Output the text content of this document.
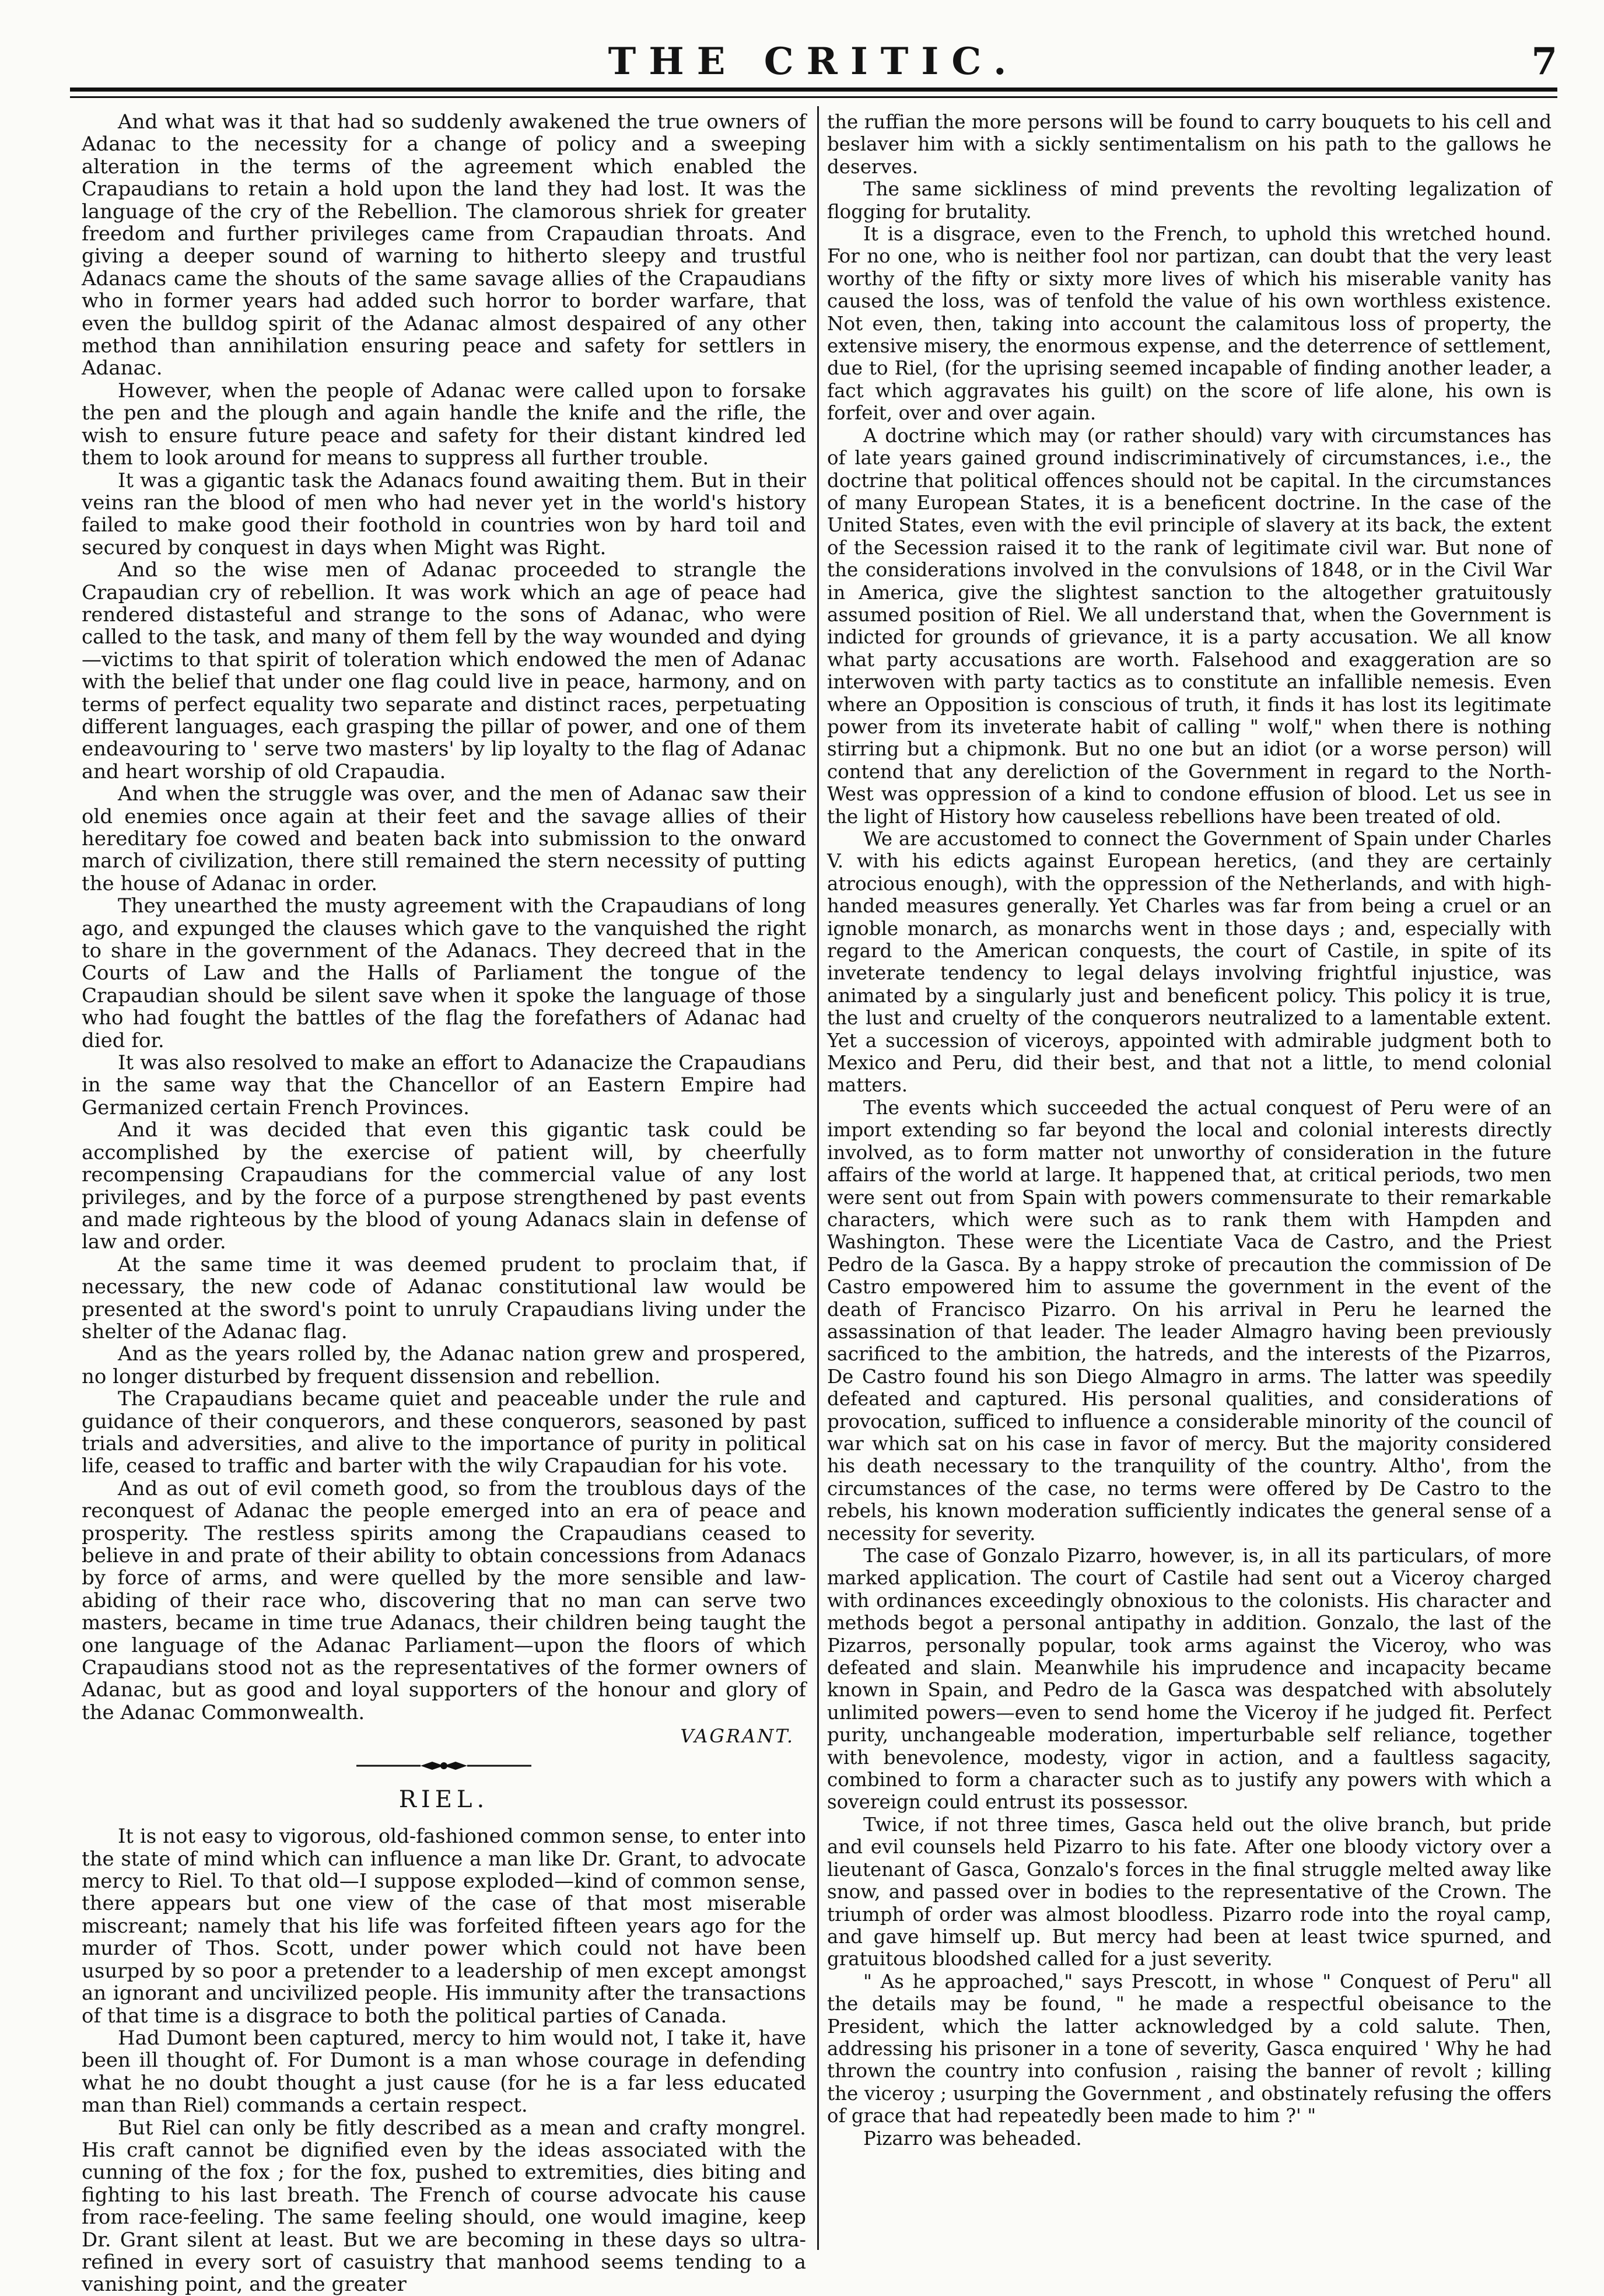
THE CRITIC.	7

And what was it that had so suddenly awakened the true owners of Adanac to the necessity for a change of policy and a sweeping alteration in the terms of the agreement which enabled the Crapaudians to retain a hold upon the land they had lost. It was the language of the cry of the Rebellion. The clamorous shriek for greater freedom and further privileges came from Crapaudian throats. And giving a deeper sound of warning to hitherto sleepy and trustful Adanacs came the shouts of the same savage allies of the Crapaudians who in former years had added such horror to border warfare, that even the bulldog spirit of the Adanac almost despaired of any other method than annihilation ensuring peace and safety for settlers in Adanac.

However, when the people of Adanac were called upon to forsake the pen and the plough and again handle the knife and the rifle, the wish to ensure future peace and safety for their distant kindred led them to look around for means to suppress all further trouble.

It was a gigantic task the Adanacs found awaiting them. But in their veins ran the blood of men who had never yet in the world's history failed to make good their foothold in countries won by hard toil and secured by conquest in days when Might was Right.

And so the wise men of Adanac proceeded to strangle the Crapaudian cry of rebellion. It was work which an age of peace had rendered distasteful and strange to the sons of Adanac, who were called to the task, and many of them fell by the way wounded and dying—victims to that spirit of toleration which endowed the men of Adanac with the belief that under one flag could live in peace, harmony, and on terms of perfect equality two separate and distinct races, perpetuating different languages, each grasping the pillar of power, and one of them endeavouring to ' serve two masters' by lip loyalty to the flag of Adanac and heart worship of old Crapaudia.

And when the struggle was over, and the men of Adanac saw their old enemies once again at their feet and the savage allies of their hereditary foe cowed and beaten back into submission to the onward march of civilization, there still remained the stern necessity of putting the house of Adanac in order.

They unearthed the musty agreement with the Crapaudians of long ago, and expunged the clauses which gave to the vanquished the right to share in the government of the Adanacs. They decreed that in the Courts of Law and the Halls of Parliament the tongue of the Crapaudian should be silent save when it spoke the language of those who had fought the battles of the flag the forefathers of Adanac had died for.

It was also resolved to make an effort to Adanacize the Crapaudians in the same way that the Chancellor of an Eastern Empire had Germanized certain French Provinces.

And it was decided that even this gigantic task could be accomplished by the exercise of patient will, by cheerfully recompensing Crapaudians for the commercial value of any lost privileges, and by the force of a purpose strengthened by past events and made righteous by the blood of young Adanacs slain in defense of law and order.

At the same time it was deemed prudent to proclaim that, if necessary, the new code of Adanac constitutional law would be presented at the sword's point to unruly Crapaudians living under the shelter of the Adanac flag.

And as the years rolled by, the Adanac nation grew and prospered, no longer disturbed by frequent dissension and rebellion.

The Crapaudians became quiet and peaceable under the rule and guidance of their conquerors, and these conquerors, seasoned by past trials and adversities, and alive to the importance of purity in political life, ceased to traffic and barter with the wily Crapaudian for his vote.

And as out of evil cometh good, so from the troublous days of the reconquest of Adanac the people emerged into an era of peace and prosperity. The restless spirits among the Crapaudians ceased to believe in and prate of their ability to obtain concessions from Adanacs by force of arms, and were quelled by the more sensible and law-abiding of their race who, discovering that no man can serve two masters, became in time true Adanacs, their children being taught the one language of the Adanac Parliament—upon the floors of which Crapaudians stood not as the representatives of the former owners of Adanac, but as good and loyal supporters of the honour and glory of the Adanac Commonwealth.

VAGRANT.
RIEL.

It is not easy to vigorous, old-fashioned common sense, to enter into the state of mind which can influence a man like Dr. Grant, to advocate mercy to Riel. To that old—I suppose exploded—kind of common sense, there appears but one view of the case of that most miserable miscreant; namely that his life was forfeited fifteen years ago for the murder of Thos. Scott, under power which could not have been usurped by so poor a pretender to a leadership of men except amongst an ignorant and uncivilized people. His immunity after the transactions of that time is a disgrace to both the political parties of Canada.

Had Dumont been captured, mercy to him would not, I take it, have been ill thought of. For Dumont is a man whose courage in defending what he no doubt thought a just cause (for he is a far less educated man than Riel) commands a certain respect.

But Riel can only be fitly described as a mean and crafty mongrel. His craft cannot be dignified even by the ideas associated with the cunning of the fox ; for the fox, pushed to extremities, dies biting and fighting to his last breath. The French of course advocate his cause from race-feeling. The same feeling should, one would imagine, keep Dr. Grant silent at least. But we are becoming in these days so ultra-refined in every sort of casuistry that manhood seems tending to a vanishing point, and the greater

the ruffian the more persons will be found to carry bouquets to his cell and beslaver him with a sickly sentimentalism on his path to the gallows he deserves.

The same sickliness of mind prevents the revolting legalization of flogging for brutality.

It is a disgrace, even to the French, to uphold this wretched hound. For no one, who is neither fool nor partizan, can doubt that the very least worthy of the fifty or sixty more lives of which his miserable vanity has caused the loss, was of tenfold the value of his own worthless existence. Not even, then, taking into account the calamitous loss of property, the extensive misery, the enormous expense, and the deterrence of settlement, due to Riel, (for the uprising seemed incapable of finding another leader, a fact which aggravates his guilt) on the score of life alone, his own is forfeit, over and over again.

A doctrine which may (or rather should) vary with circumstances has of late years gained ground indiscriminatively of circumstances, i.e., the doctrine that political offences should not be capital. In the circumstances of many European States, it is a beneficent doctrine. In the case of the United States, even with the evil principle of slavery at its back, the extent of the Secession raised it to the rank of legitimate civil war. But none of the considerations involved in the convulsions of 1848, or in the Civil War in America, give the slightest sanction to the altogether gratuitously assumed position of Riel. We all understand that, when the Government is indicted for grounds of grievance, it is a party accusation. We all know what party accusations are worth. Falsehood and exaggeration are so interwoven with party tactics as to constitute an infallible nemesis. Even where an Opposition is conscious of truth, it finds it has lost its legitimate power from its inveterate habit of calling " wolf," when there is nothing stirring but a chipmonk. But no one but an idiot (or a worse person) will contend that any dereliction of the Government in regard to the North-West was oppression of a kind to condone effusion of blood. Let us see in the light of History how causeless rebellions have been treated of old.

We are accustomed to connect the Government of Spain under Charles V. with his edicts against European heretics, (and they are certainly atrocious enough), with the oppression of the Netherlands, and with high-handed measures generally. Yet Charles was far from being a cruel or an ignoble monarch, as monarchs went in those days ; and, especially with regard to the American conquests, the court of Castile, in spite of its inveterate tendency to legal delays involving frightful injustice, was animated by a singularly just and beneficent policy. This policy it is true, the lust and cruelty of the conquerors neutralized to a lamentable extent. Yet a succession of viceroys, appointed with admirable judgment both to Mexico and Peru, did their best, and that not a little, to mend colonial matters.

The events which succeeded the actual conquest of Peru were of an import extending so far beyond the local and colonial interests directly involved, as to form matter not unworthy of consideration in the future affairs of the world at large. It happened that, at critical periods, two men were sent out from Spain with powers commensurate to their remarkable characters, which were such as to rank them with Hampden and Washington. These were the Licentiate Vaca de Castro, and the Priest Pedro de la Gasca. By a happy stroke of precaution the commission of De Castro empowered him to assume the government in the event of the death of Francisco Pizarro. On his arrival in Peru he learned the assassination of that leader. The leader Almagro having been previously sacrificed to the ambition, the hatreds, and the interests of the Pizarros, De Castro found his son Diego Almagro in arms. The latter was speedily defeated and captured. His personal qualities, and considerations of provocation, sufficed to influence a considerable minority of the council of war which sat on his case in favor of mercy. But the majority considered his death necessary to the tranquility of the country. Altho', from the circumstances of the case, no terms were offered by De Castro to the rebels, his known moderation sufficiently indicates the general sense of a necessity for severity.

The case of Gonzalo Pizarro, however, is, in all its particulars, of more marked application. The court of Castile had sent out a Viceroy charged with ordinances exceedingly obnoxious to the colonists. His character and methods begot a personal antipathy in addition. Gonzalo, the last of the Pizarros, personally popular, took arms against the Viceroy, who was defeated and slain. Meanwhile his imprudence and incapacity became known in Spain, and Pedro de la Gasca was despatched with absolutely unlimited powers—even to send home the Viceroy if he judged fit. Perfect purity, unchangeable moderation, imperturbable self reliance, together with benevolence, modesty, vigor in action, and a faultless sagacity, combined to form a character such as to justify any powers with which a sovereign could entrust its possessor.

Twice, if not three times, Gasca held out the olive branch, but pride and evil counsels held Pizarro to his fate. After one bloody victory over a lieutenant of Gasca, Gonzalo's forces in the final struggle melted away like snow, and passed over in bodies to the representative of the Crown. The triumph of order was almost bloodless. Pizarro rode into the royal camp, and gave himself up. But mercy had been at least twice spurned, and gratuitous bloodshed called for a just severity.

" As he approached," says Prescott, in whose " Conquest of Peru" all the details may be found, " he made a respectful obeisance to the President, which the latter acknowledged by a cold salute. Then, addressing his prisoner in a tone of severity, Gasca enquired ' Why he had thrown the country into confusion , raising the banner of revolt ; killing the viceroy ; usurping the Government , and obstinately refusing the offers of grace that had repeatedly been made to him ?' "

Pizarro was beheaded.
